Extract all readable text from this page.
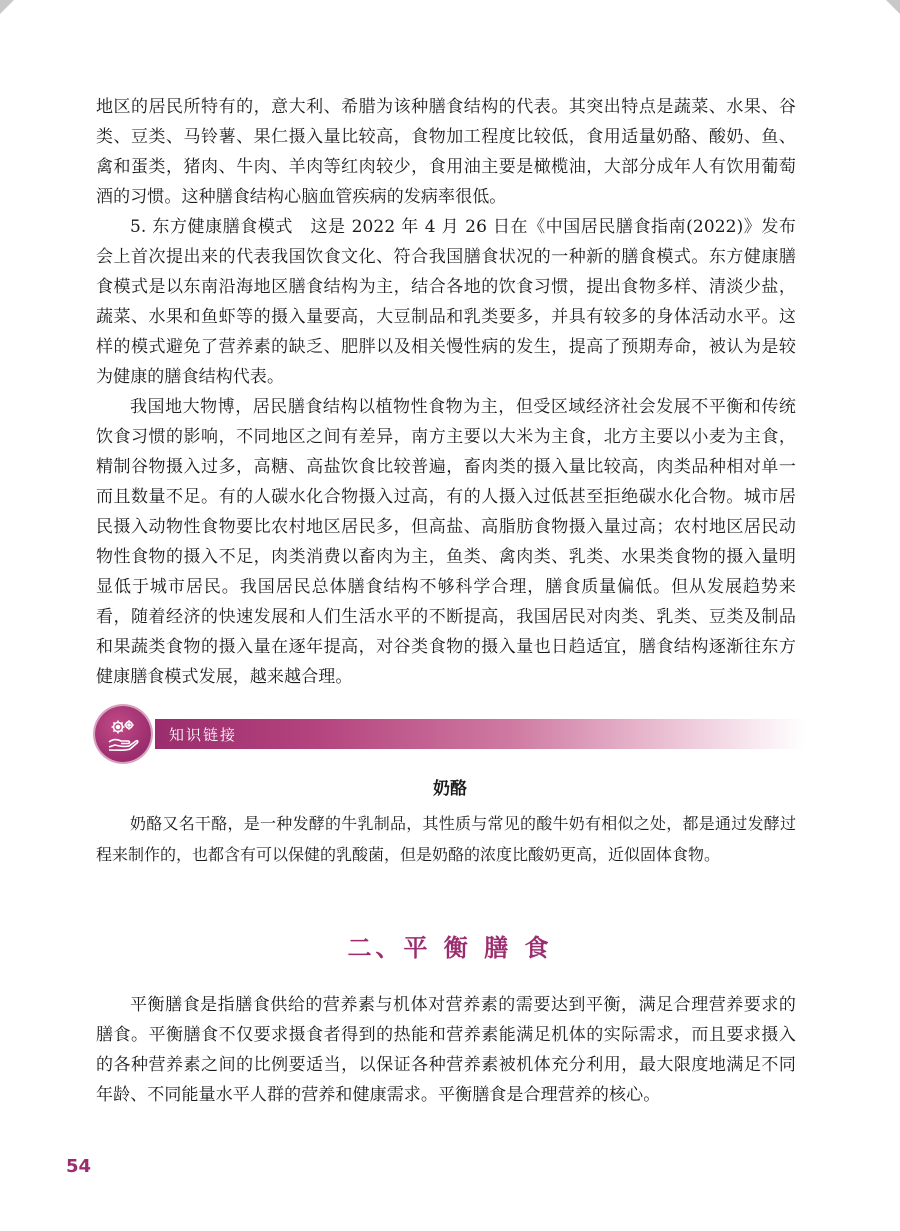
地区的居民所特有的，意大利、希腊为该种膳食结构的代表。其突出特点是蔬菜、水果、谷类、豆类、马铃薯、果仁摄入量比较高，食物加工程度比较低，食用适量奶酪、酸奶、鱼、禽和蛋类，猪肉、牛肉、羊肉等红肉较少，食用油主要是橄榄油，大部分成年人有饮用葡萄酒的习惯。这种膳食结构心脑血管疾病的发病率很低。

5. 东方健康膳食模式　这是 2022 年 4 月 26 日在《中国居民膳食指南(2022)》发布会上首次提出来的代表我国饮食文化、符合我国膳食状况的一种新的膳食模式。东方健康膳食模式是以东南沿海地区膳食结构为主，结合各地的饮食习惯，提出食物多样、清淡少盐，蔬菜、水果和鱼虾等的摄入量要高，大豆制品和乳类要多，并具有较多的身体活动水平。这样的模式避免了营养素的缺乏、肥胖以及相关慢性病的发生，提高了预期寿命，被认为是较为健康的膳食结构代表。

我国地大物博，居民膳食结构以植物性食物为主，但受区域经济社会发展不平衡和传统饮食习惯的影响，不同地区之间有差异，南方主要以大米为主食，北方主要以小麦为主食，精制谷物摄入过多，高糖、高盐饮食比较普遍，畜肉类的摄入量比较高，肉类品种相对单一而且数量不足。有的人碳水化合物摄入过高，有的人摄入过低甚至拒绝碳水化合物。城市居民摄入动物性食物要比农村地区居民多，但高盐、高脂肪食物摄入量过高；农村地区居民动物性食物的摄入不足，肉类消费以畜肉为主，鱼类、禽肉类、乳类、水果类食物的摄入量明显低于城市居民。我国居民总体膳食结构不够科学合理，膳食质量偏低。但从发展趋势来看，随着经济的快速发展和人们生活水平的不断提高，我国居民对肉类、乳类、豆类及制品和果蔬类食物的摄入量在逐年提高，对谷类食物的摄入量也日趋适宜，膳食结构逐渐往东方健康膳食模式发展，越来越合理。

知识链接
奶酪

奶酪又名干酪，是一种发酵的牛乳制品，其性质与常见的酸牛奶有相似之处，都是通过发酵过程来制作的，也都含有可以保健的乳酸菌，但是奶酪的浓度比酸奶更高，近似固体食物。

二、平 衡 膳 食

平衡膳食是指膳食供给的营养素与机体对营养素的需要达到平衡，满足合理营养要求的膳食。平衡膳食不仅要求摄食者得到的热能和营养素能满足机体的实际需求，而且要求摄入的各种营养素之间的比例要适当，以保证各种营养素被机体充分利用，最大限度地满足不同年龄、不同能量水平人群的营养和健康需求。平衡膳食是合理营养的核心。

54
